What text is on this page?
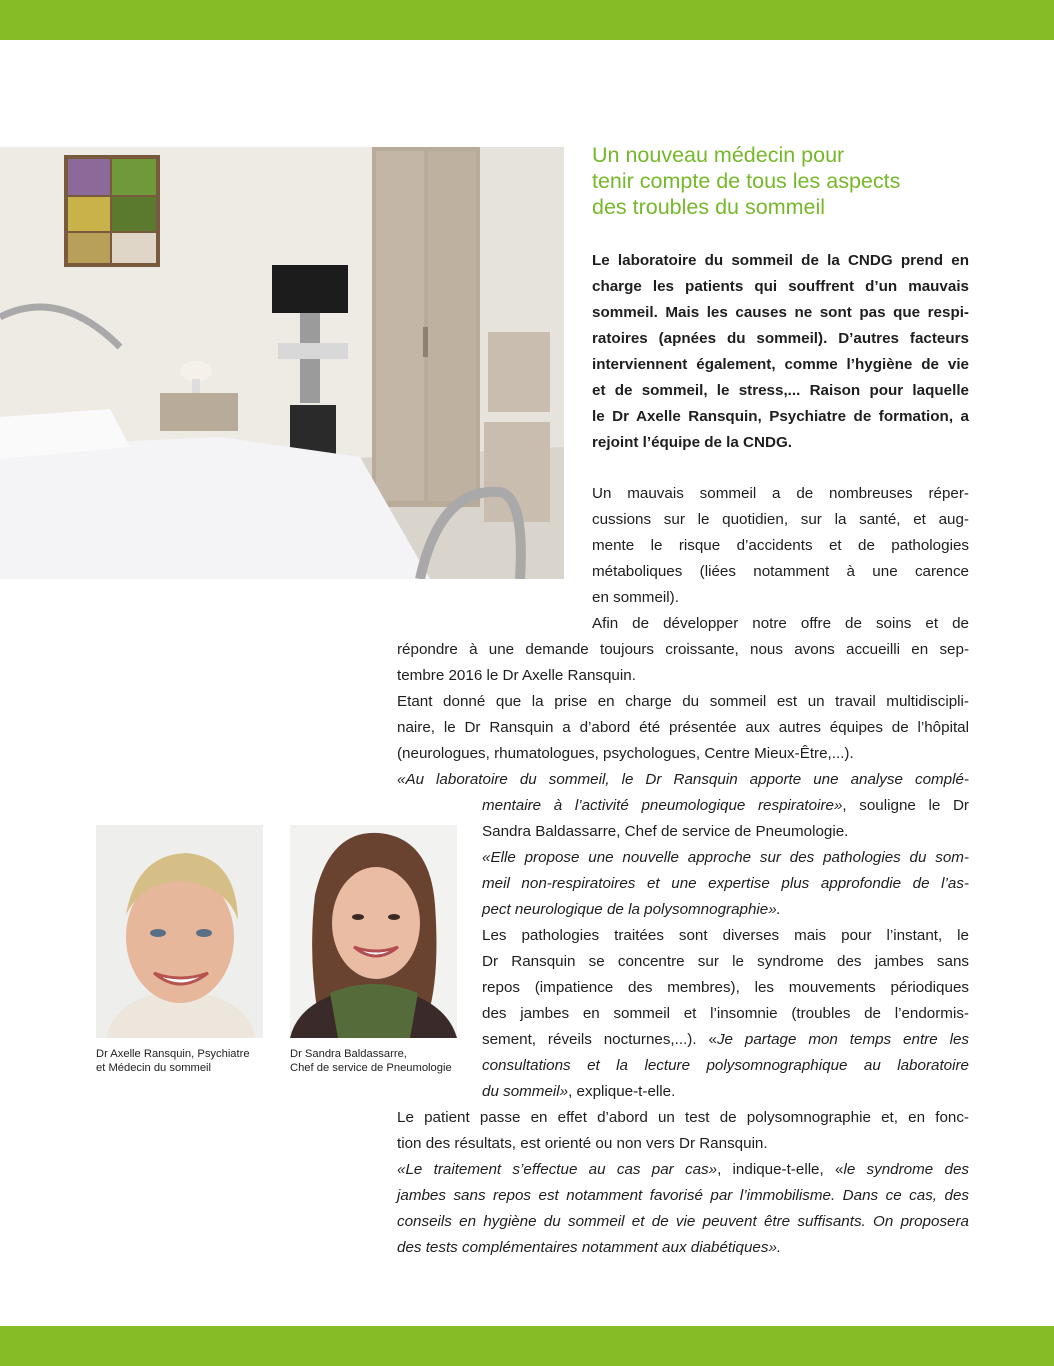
Un nouveau médecin pour
tenir compte de tous les aspects
des troubles du sommeil

Le laboratoire du sommeil de la CNDG prend en
charge les patients qui souffrent d’un mauvais
sommeil. Mais les causes ne sont pas que respi-
ratoires (apnées du sommeil). D’autres facteurs
interviennent également, comme l’hygiène de vie
et de sommeil, le stress,... Raison pour laquelle
le Dr Axelle Ransquin, Psychiatre de formation, a
rejoint l’équipe de la CNDG.

Un mauvais sommeil a de nombreuses réper-
cussions sur le quotidien, sur la santé, et aug-
mente le risque d’accidents et de pathologies
métaboliques (liées notamment à une carence
en sommeil).

Afin de développer notre offre de soins et de

répondre à une demande toujours croissante, nous avons accueilli en sep-
tembre 2016 le Dr Axelle Ransquin.
Etant donné que la prise en charge du sommeil est un travail multidiscipli-
naire, le Dr Ransquin a d’abord été présentée aux autres équipes de l’hôpital
(neurologues, rhumatologues, psychologues, Centre Mieux-Être,...).

«Au laboratoire du sommeil, le Dr Ransquin apporte une analyse complé-

mentaire à l’activité pneumologique respiratoire», souligne le Dr
Sandra Baldassarre, Chef de service de Pneumologie.
«Elle propose une nouvelle approche sur des pathologies du som-
meil non-respiratoires et une expertise plus approfondie de l’as-
pect neurologique de la polysomnographie».
Les pathologies traitées sont diverses mais pour l’instant, le
Dr Ransquin se concentre sur le syndrome des jambes sans
repos (impatience des membres), les mouvements périodiques
des jambes en sommeil et l’insomnie (troubles de l’endormis-
sement, réveils nocturnes,...). «Je partage mon temps entre les
consultations et la lecture polysomnographique au laboratoire
du sommeil», explique-t-elle.

Le patient passe en effet d’abord un test de polysomnographie et, en fonc-
tion des résultats, est orienté ou non vers Dr Ransquin.
«Le traitement s’effectue au cas par cas», indique-t-elle, «le syndrome des
jambes sans repos est notamment favorisé par l’immobilisme. Dans ce cas, des
conseils en hygiène du sommeil et de vie peuvent être suffisants. On proposera
des tests complémentaires notamment aux diabétiques».

Dr Axelle Ransquin, Psychiatre
et Médecin du sommeil
Dr Sandra Baldassarre,
Chef de service de Pneumologie
